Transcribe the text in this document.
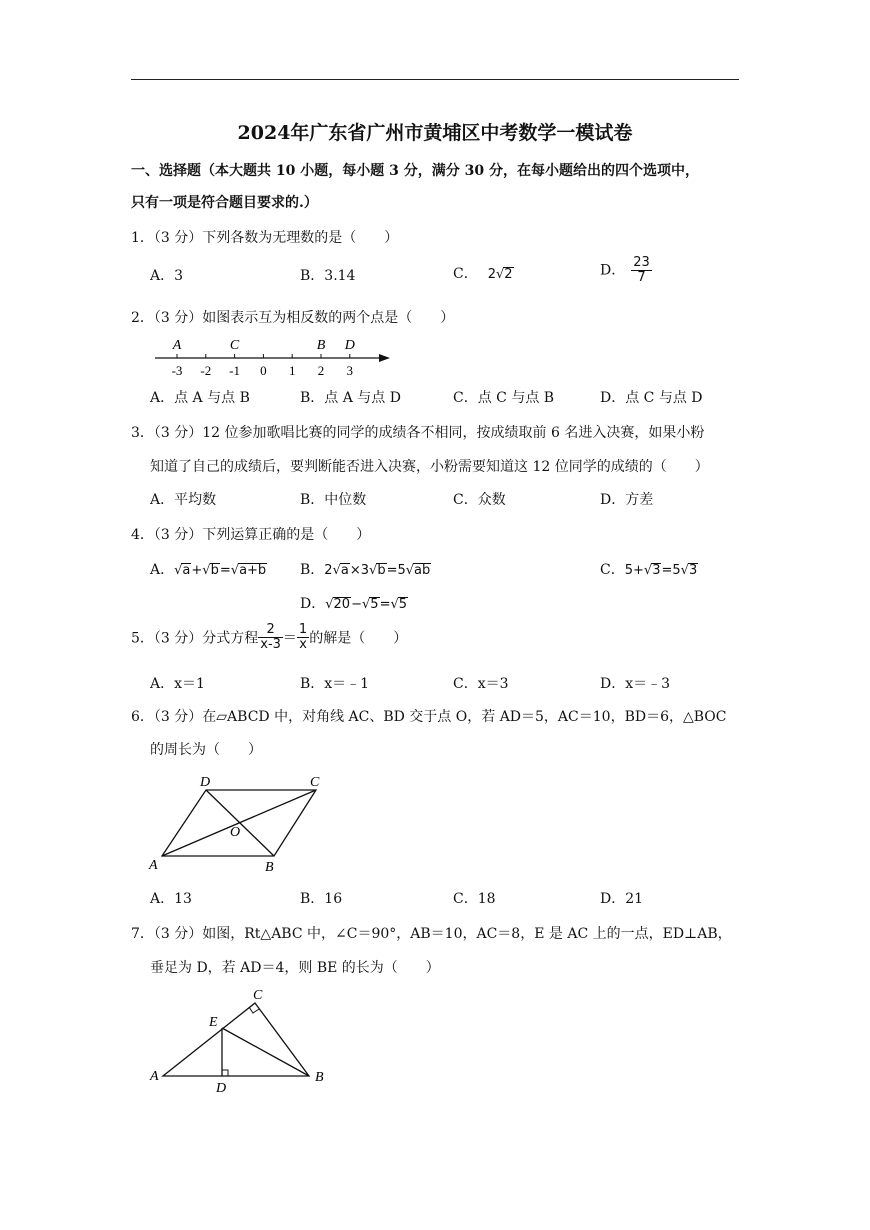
2024年广东省广州市黄埔区中考数学一模试卷
一、选择题（本大题共 10 小题，每小题 3 分，满分 30 分，在每小题给出的四个选项中，
只有一项是符合题目要求的.）
1．（3 分）下列各数为无理数的是（　　）
A．3	B．3.14	C． 2√2	D． $\frac{23}{7}$
2．（3 分）如图表示互为相反数的两个点是（　　）
-3 -2 -1 0 1 2 3
A	C	B D
A．点 A 与点 B	B．点 A 与点 D	C．点 C 与点 B	D．点 C 与点 D
3．（3 分）12 位参加歌唱比赛的同学的成绩各不相同，按成绩取前 6 名进入决赛，如果小粉
知道了自己的成绩后，要判断能否进入决赛，小粉需要知道这 12 位同学的成绩的（　　）
A．平均数	B．中位数	C．众数	D．方差
4．（3 分）下列运算正确的是（　　）
A．√a+√b=√a+b B．2√a×3√b=5√ab	C．5+√3=5√3
D．√20−√5=√5
5．（3 分）分式方程 $\frac{2}{x-3} = \frac{1}{x}$ 的解是（　　）
A．x＝1	B．x＝﹣1	C．x＝3	D．x＝﹣3
6．（3 分）在▱ABCD 中，对角线 AC、BD 交于点 O，若 AD＝5，AC＝10，BD＝6，△BOC
的周长为（　　）
D	C
O
A	B
A．13	B．16	C．18	D．21
7．（3 分）如图，Rt△ABC 中，∠C＝90°，AB＝10，AC＝8，E 是 AC 上的一点，ED⊥AB，
垂足为 D，若 AD＝4，则 BE 的长为（　　）
C
E
A
D
B
